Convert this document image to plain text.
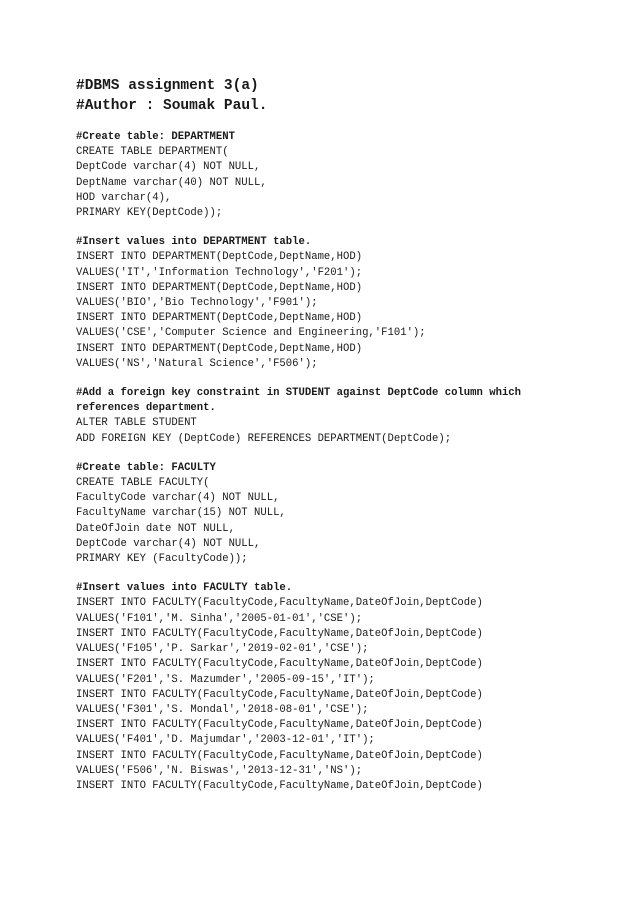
#DBMS assignment 3(a)

#Author : Soumak Paul.

#Create table: DEPARTMENT

CREATE TABLE DEPARTMENT(

DeptCode varchar(4) NOT NULL,

DeptName varchar(40) NOT NULL,

HOD varchar(4),

PRIMARY KEY(DeptCode));

#Insert values into DEPARTMENT table.

INSERT INTO DEPARTMENT(DeptCode,DeptName,HOD)

VALUES('IT','Information Technology','F201');

INSERT INTO DEPARTMENT(DeptCode,DeptName,HOD)

VALUES('BIO','Bio Technology','F901');

INSERT INTO DEPARTMENT(DeptCode,DeptName,HOD)

VALUES('CSE','Computer Science and Engineering,'F101');

INSERT INTO DEPARTMENT(DeptCode,DeptName,HOD)

VALUES('NS','Natural Science','F506');

#Add a foreign key constraint in STUDENT against DeptCode column which
references department.

ALTER TABLE STUDENT

ADD FOREIGN KEY (DeptCode) REFERENCES DEPARTMENT(DeptCode);

#Create table: FACULTY

CREATE TABLE FACULTY(

FacultyCode varchar(4) NOT NULL,

FacultyName varchar(15) NOT NULL,

DateOfJoin date NOT NULL,

DeptCode varchar(4) NOT NULL,

PRIMARY KEY (FacultyCode));

#Insert values into FACULTY table.

INSERT INTO FACULTY(FacultyCode,FacultyName,DateOfJoin,DeptCode)

VALUES('F101','M. Sinha','2005-01-01','CSE');

INSERT INTO FACULTY(FacultyCode,FacultyName,DateOfJoin,DeptCode)

VALUES('F105','P. Sarkar','2019-02-01','CSE');

INSERT INTO FACULTY(FacultyCode,FacultyName,DateOfJoin,DeptCode)

VALUES('F201','S. Mazumder','2005-09-15','IT');

INSERT INTO FACULTY(FacultyCode,FacultyName,DateOfJoin,DeptCode)

VALUES('F301','S. Mondal','2018-08-01','CSE');

INSERT INTO FACULTY(FacultyCode,FacultyName,DateOfJoin,DeptCode)

VALUES('F401','D. Majumdar','2003-12-01','IT');

INSERT INTO FACULTY(FacultyCode,FacultyName,DateOfJoin,DeptCode)

VALUES('F506','N. Biswas','2013-12-31','NS');

INSERT INTO FACULTY(FacultyCode,FacultyName,DateOfJoin,DeptCode)
